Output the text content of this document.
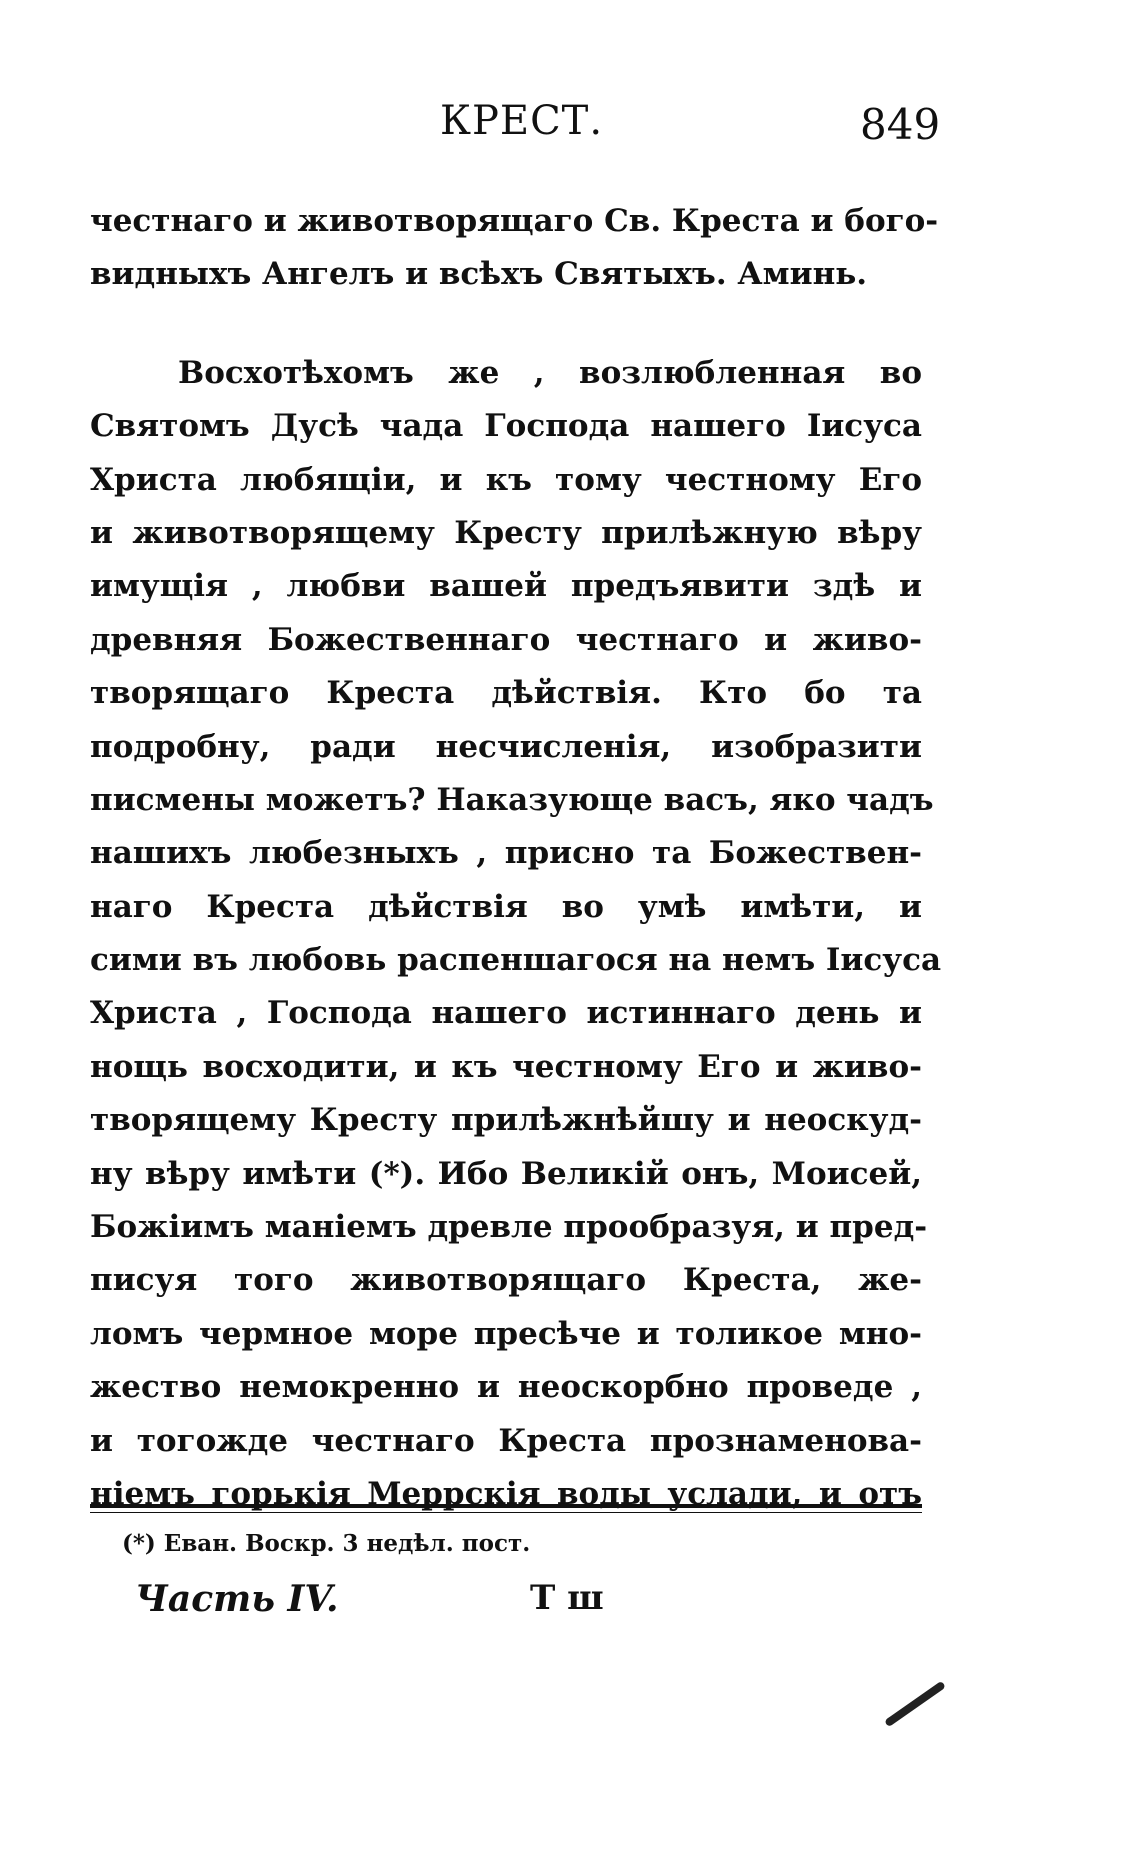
КРЕСТ.	849
честнаго и животворящаго Св. Креста и бого-
видныхъ Ангелъ и всѣхъ Святыхъ. Аминь.
Восхотѣхомъ же , возлюбленная во
Святомъ Дусѣ чада Господа нашего Іисуса
Христа любящіи, и къ тому честному Его
и животворящему Кресту прилѣжную вѣру
имущія , любви вашей предъявити здѣ и
древняя Божественнаго честнаго и живо-
творящаго Креста дѣйствія. Кто бо та
подробну, ради несчисленія, изобразити
писмены можетъ? Наказующе васъ, яко чадъ
нашихъ любезныхъ , присно та Божествен-
наго Креста дѣйствія во умѣ имѣти, и
сими въ любовь распеншагося на немъ Іисуса
Христа , Господа нашего истиннаго день и
нощь восходити, и къ честному Его и живо-
творящему Кресту прилѣжнѣйшу и неоскуд-
ну вѣру имѣти (*). Ибо Великій онъ, Моисей,
Божіимъ маніемъ древле прообразуя, и пред-
писуя того животворящаго Креста, же-
ломъ чермное море пресѣче и толикое мно-
жество немокренно и неоскорбно проведе ,
и тогожде честнаго Креста прознаменова-
ніемъ горькія Меррскія воды услади, и отъ
(*) Еван. Воскр. 3 недѣл. пост.
Часть IV.	Т ш
